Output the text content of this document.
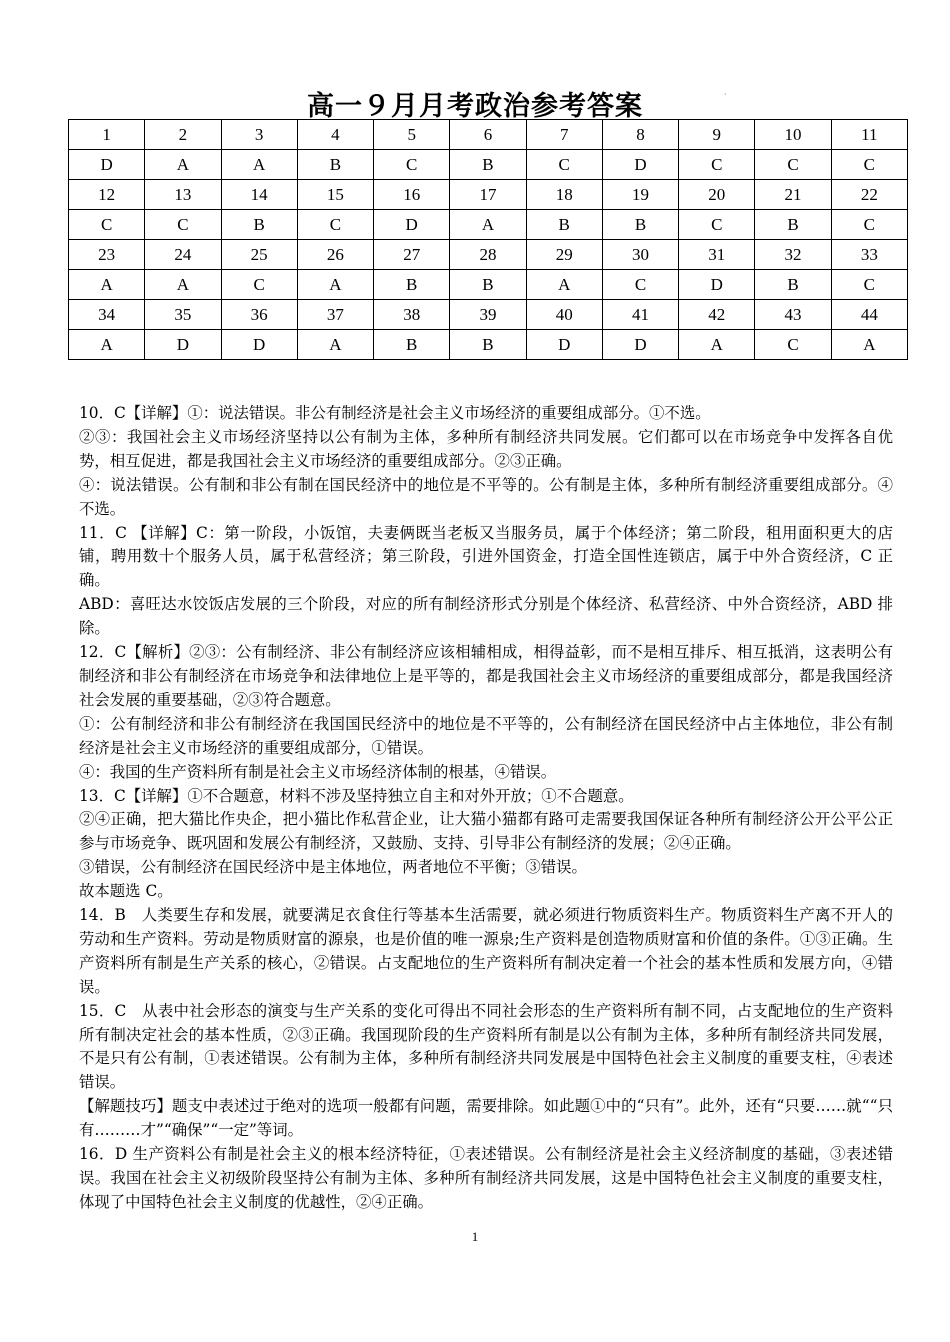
高一９月月考政治参考答案	·
1	2	3	4	5	6	7	8	9	10	11
D	A	A	B	C	B	C	D	C	C	C
12	13	14	15	16	17	18	19	20	21	22
C	C	B	C	D	A	B	B	C	B	C
23	24	25	26	27	28	29	30	31	32	33
A	A	C	A	B	B	A	C	D	B	C
34	35	36	37	38	39	40	41	42	43	44
A	D	D	A	B	B	D	D	A	C	A

10．C【详解】①：说法错误。非公有制经济是社会主义市场经济的重要组成部分。①不选。

②③：我国社会主义市场经济坚持以公有制为主体，多种所有制经济共同发展。它们都可以在市场竞争中发挥各自优势，相互促进，都是我国社会主义市场经济的重要组成部分。②③正确。

④：说法错误。公有制和非公有制在国民经济中的地位是不平等的。公有制是主体，多种所有制经济重要组成部分。④不选。

11．C 【详解】C：第一阶段，小饭馆，夫妻俩既当老板又当服务员，属于个体经济；第二阶段，租用面积更大的店铺，聘用数十个服务人员，属于私营经济；第三阶段，引进外国资金，打造全国性连锁店，属于中外合资经济，C 正确。

ABD：喜旺达水饺饭店发展的三个阶段，对应的所有制经济形式分别是个体经济、私营经济、中外合资经济，ABD 排除。

12．C【解析】②③：公有制经济、非公有制经济应该相辅相成，相得益彰，而不是相互排斥、相互抵消，这表明公有制经济和非公有制经济在市场竞争和法律地位上是平等的，都是我国社会主义市场经济的重要组成部分，都是我国经济社会发展的重要基础，②③符合题意。

①：公有制经济和非公有制经济在我国国民经济中的地位是不平等的，公有制经济在国民经济中占主体地位，非公有制经济是社会主义市场经济的重要组成部分，①错误。

④：我国的生产资料所有制是社会主义市场经济体制的根基，④错误。

13．C【详解】①不合题意，材料不涉及坚持独立自主和对外开放；①不合题意。

②④正确，把大猫比作央企，把小猫比作私营企业，让大猫小猫都有路可走需要我国保证各种所有制经济公开公平公正参与市场竞争、既巩固和发展公有制经济，又鼓励、支持、引导非公有制经济的发展；②④正确。

③错误，公有制经济在国民经济中是主体地位，两者地位不平衡；③错误。

故本题选 C。

14．B　人类要生存和发展，就要满足衣食住行等基本生活需要，就必须进行物质资料生产。物质资料生产离不开人的劳动和生产资料。劳动是物质财富的源泉，也是价值的唯一源泉;生产资料是创造物质财富和价值的条件。①③正确。生产资料所有制是生产关系的核心，②错误。占支配地位的生产资料所有制决定着一个社会的基本性质和发展方向，④错误。

15．C　从表中社会形态的演变与生产关系的变化可得出不同社会形态的生产资料所有制不同，占支配地位的生产资料所有制决定社会的基本性质，②③正确。我国现阶段的生产资料所有制是以公有制为主体，多种所有制经济共同发展，不是只有公有制，①表述错误。公有制为主体，多种所有制经济共同发展是中国特色社会主义制度的重要支柱，④表述错误。

【解题技巧】题支中表述过于绝对的选项一般都有问题，需要排除。如此题①中的“只有”。此外，还有“只要……就““只有………才”“确保”“一定”等词。

16．D 生产资料公有制是社会主义的根本经济特征，①表述错误。公有制经济是社会主义经济制度的基础，③表述错误。我国在社会主义初级阶段坚持公有制为主体、多种所有制经济共同发展，这是中国特色社会主义制度的重要支柱，体现了中国特色社会主义制度的优越性，②④正确。

1
